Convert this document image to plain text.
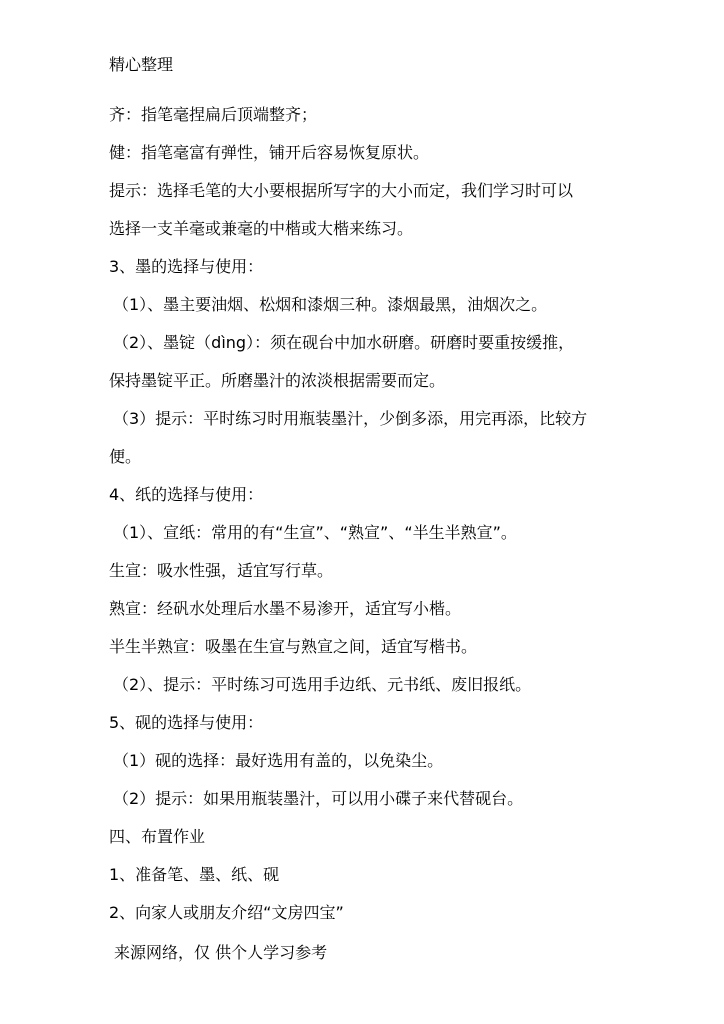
精心整理
齐：指笔毫捏扁后顶端整齐；
健：指笔毫富有弹性，铺开后容易恢复原状。
提示：选择毛笔的大小要根据所写字的大小而定，我们学习时可以
选择一支羊毫或兼毫的中楷或大楷来练习。
3、墨的选择与使用：
（1）、墨主要油烟、松烟和漆烟三种。漆烟最黑，油烟次之。
（2）、墨锭（dìng）：须在砚台中加水研磨。研磨时要重按缓推，
保持墨锭平正。所磨墨汁的浓淡根据需要而定。
（3）提示：平时练习时用瓶装墨汁，少倒多添，用完再添，比较方
便。
4、纸的选择与使用：
（1）、宣纸：常用的有“生宣”、“熟宣”、“半生半熟宣”。
生宣：吸水性强，适宜写行草。
熟宣：经矾水处理后水墨不易渗开，适宜写小楷。
半生半熟宣：吸墨在生宣与熟宣之间，适宜写楷书。
（2）、提示：平时练习可选用手边纸、元书纸、废旧报纸。
5、砚的选择与使用：
（1）砚的选择：最好选用有盖的，以免染尘。
（2）提示：如果用瓶装墨汁，可以用小碟子来代替砚台。
四、布置作业
1、准备笔、墨、纸、砚
2、向家人或朋友介绍“文房四宝”
来源网络，仅 供个人学习参考
